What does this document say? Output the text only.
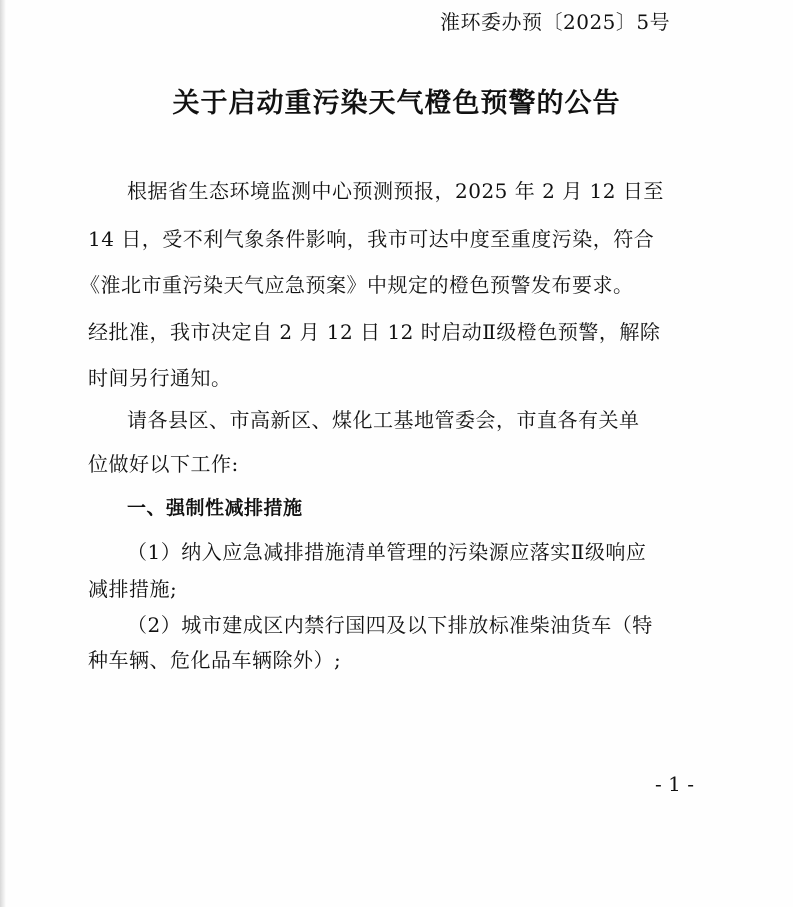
淮环委办预〔2025〕5号
关于启动重污染天气橙色预警的公告
根据省生态环境监测中心预测预报，2025 年 2 月 12 日至
14 日，受不利气象条件影响，我市可达中度至重度污染，符合
《淮北市重污染天气应急预案》中规定的橙色预警发布要求。
经批准，我市决定自 2 月 12 日 12 时启动Ⅱ级橙色预警，解除
时间另行通知。
请各县区、市高新区、煤化工基地管委会，市直各有关单
位做好以下工作:
一、强制性减排措施
（1）纳入应急减排措施清单管理的污染源应落实Ⅱ级响应
减排措施;
（2）城市建成区内禁行国四及以下排放标准柴油货车（特
种车辆、危化品车辆除外）;
- 1 -
